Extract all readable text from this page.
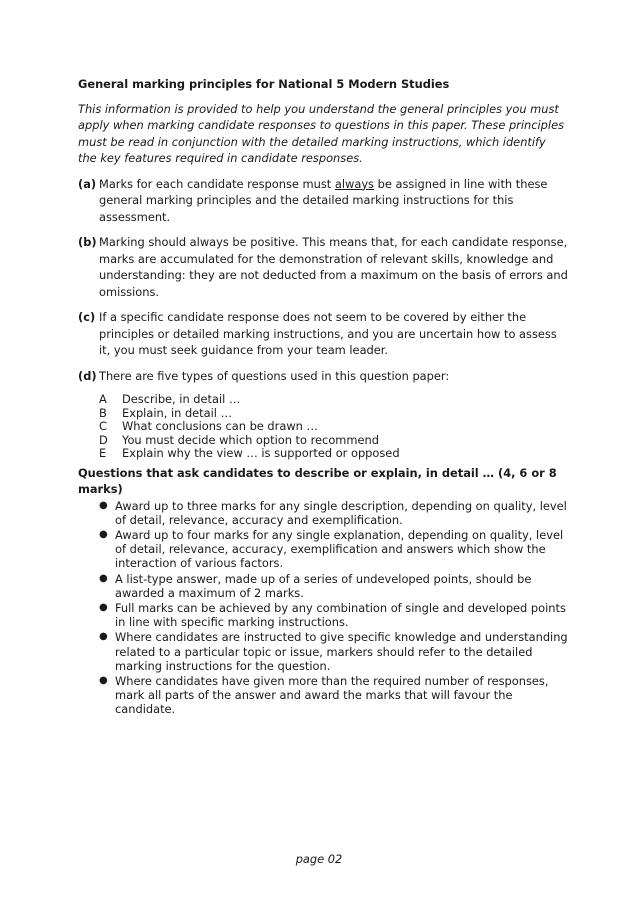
General marking principles for National 5 Modern Studies
This information is provided to help you understand the general principles you must apply when marking candidate responses to questions in this paper. These principles must be read in conjunction with the detailed marking instructions, which identify the key features required in candidate responses.
(a) Marks for each candidate response must always be assigned in line with these general marking principles and the detailed marking instructions for this assessment.
(b) Marking should always be positive. This means that, for each candidate response, marks are accumulated for the demonstration of relevant skills, knowledge and understanding: they are not deducted from a maximum on the basis of errors and omissions.
(c) If a specific candidate response does not seem to be covered by either the principles or detailed marking instructions, and you are uncertain how to assess it, you must seek guidance from your team leader.
(d) There are five types of questions used in this question paper:
A Describe, in detail …
B Explain, in detail …
C What conclusions can be drawn …
D You must decide which option to recommend
E Explain why the view … is supported or opposed
Questions that ask candidates to describe or explain, in detail … (4, 6 or 8 marks)
● Award up to three marks for any single description, depending on quality, level of detail, relevance, accuracy and exemplification.
● Award up to four marks for any single explanation, depending on quality, level of detail, relevance, accuracy, exemplification and answers which show the interaction of various factors.
● A list-type answer, made up of a series of undeveloped points, should be awarded a maximum of 2 marks.
● Full marks can be achieved by any combination of single and developed points in line with specific marking instructions.
● Where candidates are instructed to give specific knowledge and understanding related to a particular topic or issue, markers should refer to the detailed marking instructions for the question.
● Where candidates have given more than the required number of responses, mark all parts of the answer and award the marks that will favour the candidate.
page 02
